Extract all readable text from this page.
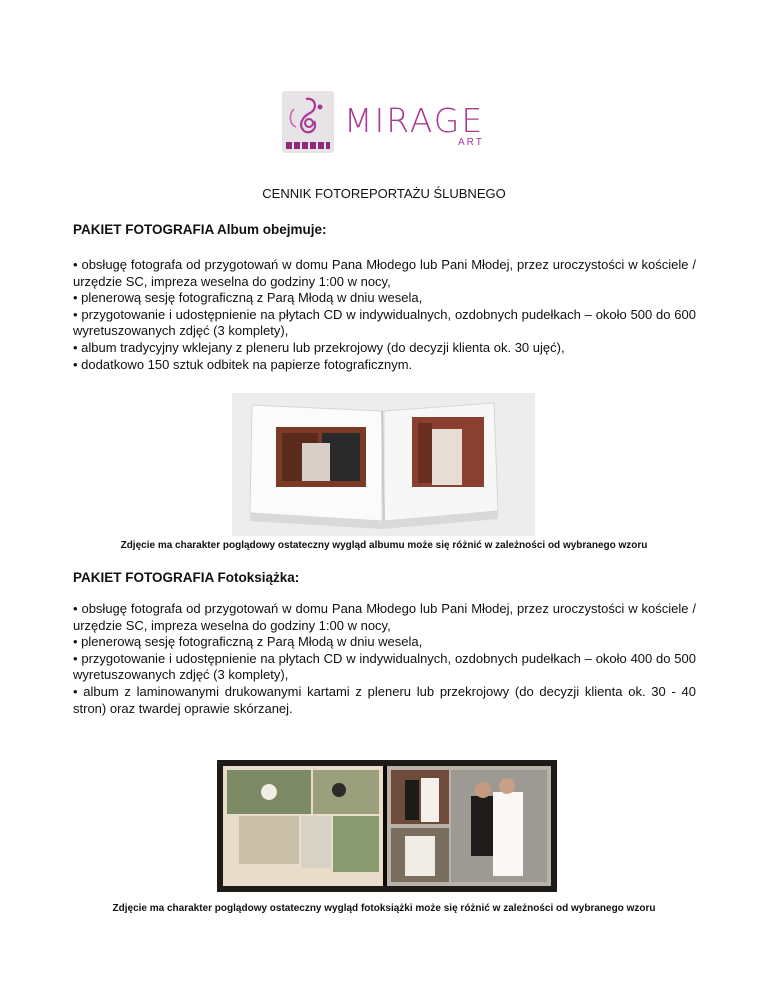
MIRAGE
ART
CENNIK FOTOREPORTAŻU ŚLUBNEGO
PAKIET FOTOGRAFIA Album obejmuje:

• obsługę fotografa od przygotowań w domu Pana Młodego lub Pani Młodej, przez uroczystości w kościele / urzędzie SC, impreza weselna do godziny 1:00 w nocy,

• plenerową sesję fotograficzną z Parą Młodą w dniu wesela,

• przygotowanie i udostępnienie na płytach CD w indywidualnych, ozdobnych pudełkach – około 500 do 600 wyretuszowanych zdjęć (3 komplety),

• album tradycyjny wklejany z pleneru lub przekrojowy (do decyzji klienta ok. 30 ujęć),

• dodatkowo 150 sztuk odbitek na papierze fotograficznym.

Zdjęcie ma charakter poglądowy ostateczny wygląd albumu może się różnić w zależności od wybranego wzoru
PAKIET FOTOGRAFIA Fotoksiążka:

• obsługę fotografa od przygotowań w domu Pana Młodego lub Pani Młodej, przez uroczystości w kościele / urzędzie SC, impreza weselna do godziny 1:00 w nocy,

• plenerową sesję fotograficzną z Parą Młodą w dniu wesela,

• przygotowanie i udostępnienie na płytach CD w indywidualnych, ozdobnych pudełkach – około 400 do 500 wyretuszowanych zdjęć (3 komplety),

• album z laminowanymi drukowanymi kartami z pleneru lub przekrojowy (do decyzji klienta ok. 30 - 40 stron) oraz twardej oprawie skórzanej.

Zdjęcie ma charakter poglądowy ostateczny wygląd fotoksiążki może się różnić w zależności od wybranego wzoru
